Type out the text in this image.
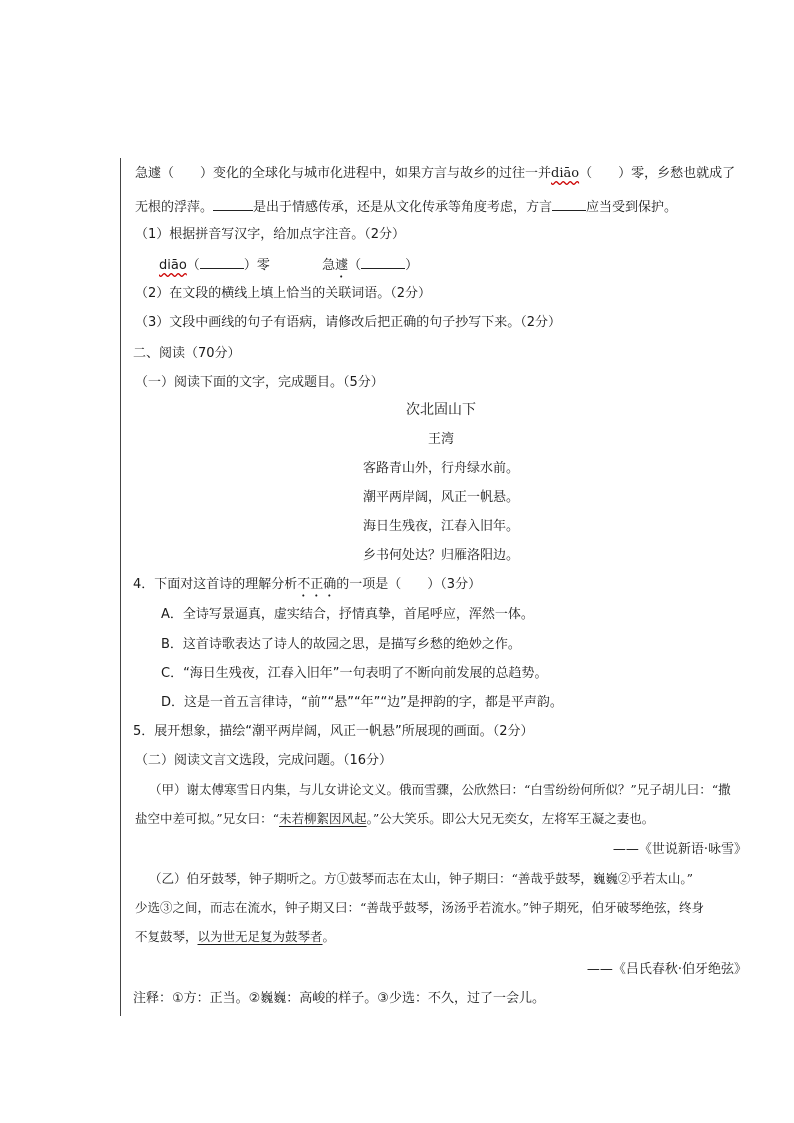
急遽（　　）变化的全球化与城市化进程中，如果方言与故乡的过往一并diāo（　　）零，乡愁也就成了
无根的浮萍。	是出于情感传承，还是从文化传承等角度考虑，方言	应当受到保护。
（1）根据拼音写汉字，给加点字注音。（2分）
diāo（	）零	急遽（	）
（2）在文段的横线上填上恰当的关联词语。（2分）
（3）文段中画线的句子有语病，请修改后把正确的句子抄写下来。（2分）
二、阅读（70分）
（一）阅读下面的文字，完成题目。（5分）
次北固山下
王湾
客路青山外，行舟绿水前。
潮平两岸阔，风正一帆悬。
海日生残夜，江春入旧年。
乡书何处达？归雁洛阳边。
4．下面对这首诗的理解分析不正确的一项是（　　）（3分）
A．全诗写景逼真，虚实结合，抒情真挚，首尾呼应，浑然一体。
B．这首诗歌表达了诗人的故园之思，是描写乡愁的绝妙之作。
C．“海日生残夜，江春入旧年”一句表明了不断向前发展的总趋势。
D．这是一首五言律诗，“前”“悬”“年”“边”是押韵的字，都是平声韵。
5．展开想象，描绘“潮平两岸阔，风正一帆悬”所展现的画面。（2分）
（二）阅读文言文选段，完成问题。（16分）
（甲）谢太傅寒雪日内集，与儿女讲论文义。俄而雪骤，公欣然曰：“白雪纷纷何所似？”兄子胡儿曰：“撒
盐空中差可拟。”兄女曰：“未若柳絮因风起。”公大笑乐。即公大兄无奕女，左将军王凝之妻也。
——《世说新语·咏雪》
（乙）伯牙鼓琴，钟子期听之。方①鼓琴而志在太山，钟子期曰：“善哉乎鼓琴，巍巍②乎若太山。”
少选③之间，而志在流水，钟子期又曰：“善哉乎鼓琴，汤汤乎若流水。”钟子期死，伯牙破琴绝弦，终身
不复鼓琴，以为世无足复为鼓琴者。
——《吕氏春秋·伯牙绝弦》
注释：①方：正当。②巍巍：高峻的样子。③少选：不久，过了一会儿。
